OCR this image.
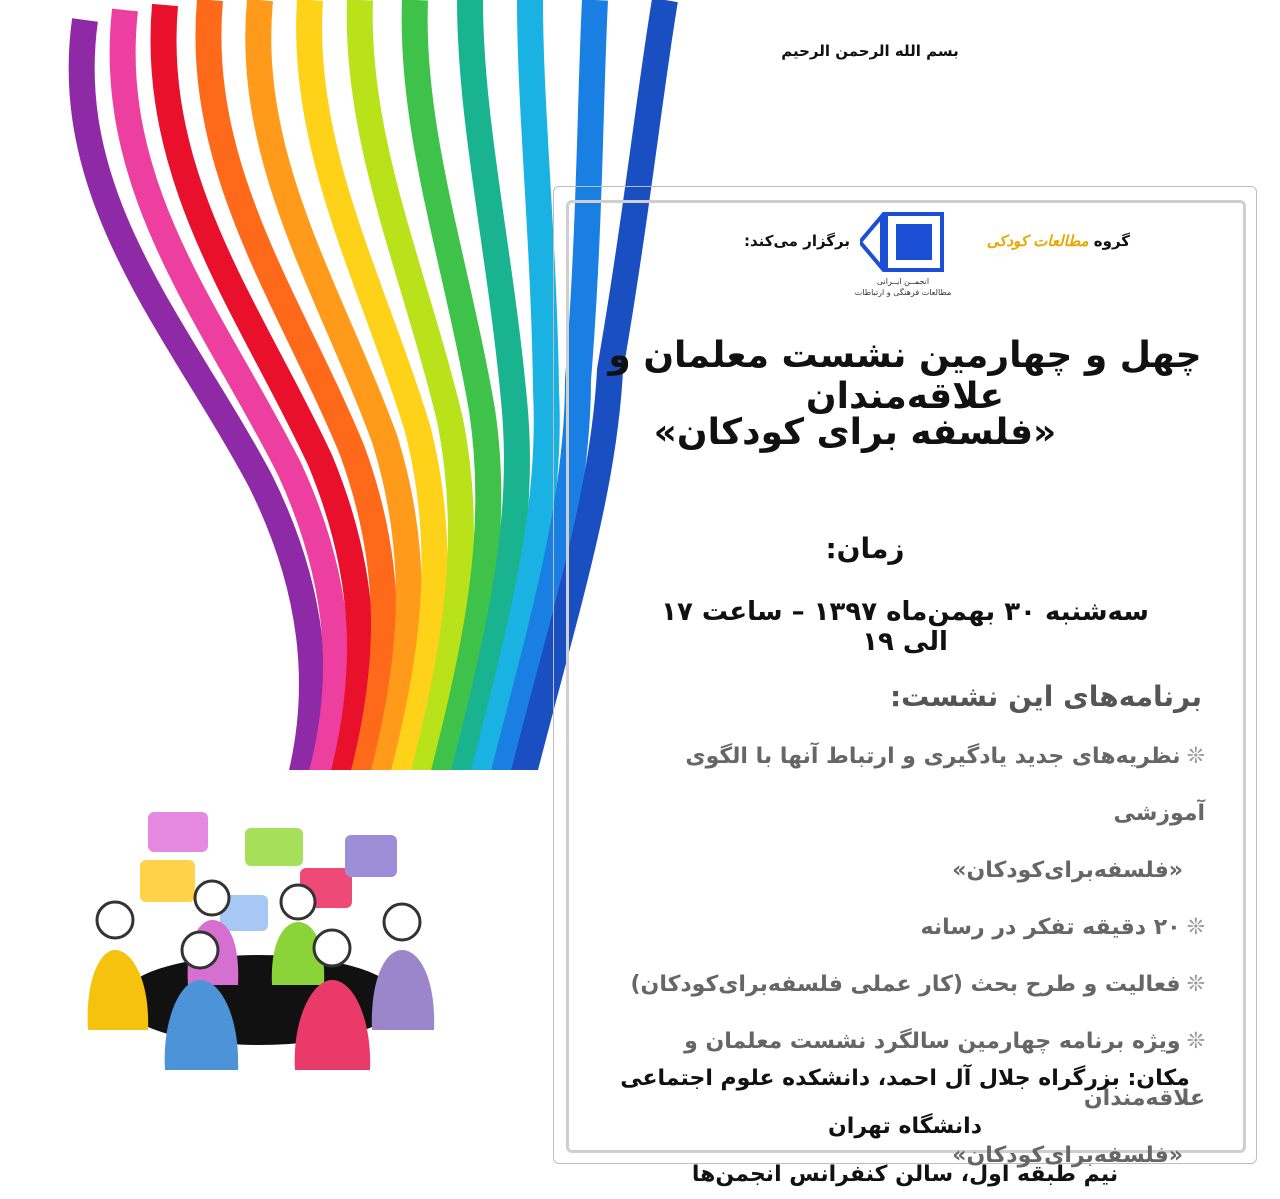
بسم الله الرحمن الرحیم
گروه مطالعات کودکی
انجمــن ایــرانی
مطالعات فرهنگی و ارتباطات
برگزار می‌کند:
چهل و چهارمین نشست معلمان و علاقه‌مندان
«فلسفه برای کودکان»
زمان:
سه‌شنبه ۳۰ بهمن‌ماه ۱۳۹۷ – ساعت ۱۷ الی ۱۹
برنامه‌های این نشست:
❊نظریه‌های جدید یادگیری و ارتباط آنها با الگوی آموزشی
«فلسفه‌برای‌کودکان»
❊۲۰ دقیقه تفکر در رسانه
❊فعالیت و طرح بحث (کار عملی فلسفه‌برای‌کودکان)
❊ویژه برنامه چهارمین سالگرد نشست معلمان و علاقه‌مندان
«فلسفه‌برای‌کودکان»
مکان: بزرگراه جلال آل احمد، دانشکده علوم اجتماعی دانشگاه تهران
نیم طبقه اول، سالن کنفرانس انجمن‌ها
